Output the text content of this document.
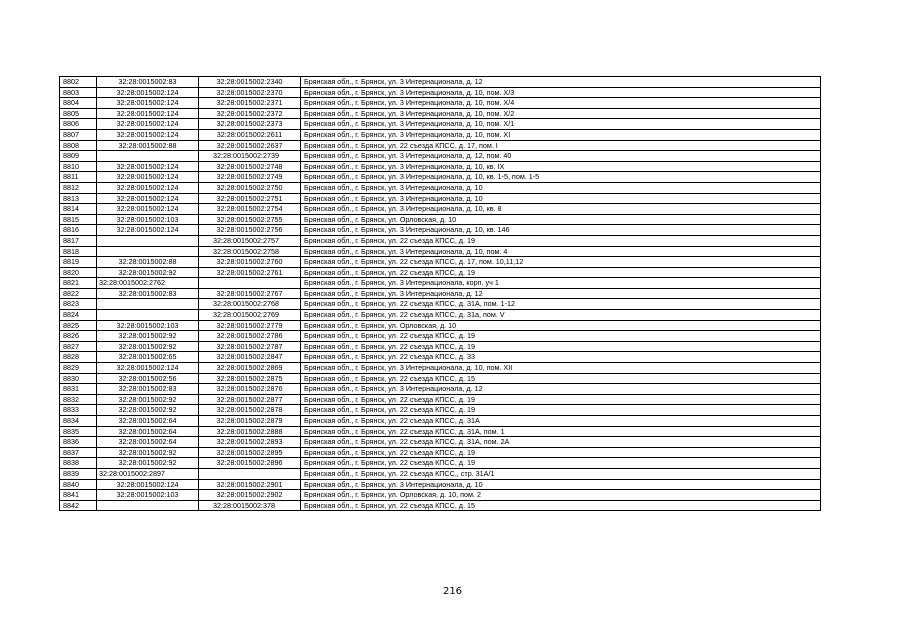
8802	32:28:0015002:83	32:28:0015002:2340	Брянская обл., г. Брянск, ул. 3 Интернационала, д. 12
8803	32:28:0015002:124	32:28:0015002:2370	Брянская обл., г. Брянск, ул. 3 Интернационала, д. 10, пом. Х/3
8804	32:28:0015002:124	32:28:0015002:2371	Брянская обл., г. Брянск, ул. 3 Интернационала, д. 10, пом. Х/4
8805	32:28:0015002:124	32:28:0015002:2372	Брянская обл., г. Брянск, ул. 3 Интернационала, д. 10, пом. Х/2
8806	32:28:0015002:124	32:28:0015002:2373	Брянская обл., г. Брянск, ул. 3 Интернационала, д. 10, пом. Х/1
8807	32:28:0015002:124	32:28:0015002:2611	Брянская обл., г. Брянск, ул. 3 Интернационала, д. 10, пом. XI
8808	32:28:0015002:88	32:28:0015002:2637	Брянская обл., г. Брянск, ул. 22 съезда КПСС, д. 17, пом. I
8809		32:28:0015002:2739	Брянская обл., г. Брянск, ул. 3 Интернационала, д. 12, пом. 40
8810	32:28:0015002:124	32:28:0015002:2748	Брянская обл., г. Брянск, ул. 3 Интернационала, д. 10, кв. IX
8811	32:28:0015002:124	32:28:0015002:2749	Брянская обл., г. Брянск, ул. 3 Интернационала, д. 10, кв. 1-5, пом. 1-5
8812	32:28:0015002:124	32:28:0015002:2750	Брянская обл., г. Брянск, ул. 3 Интернационала, д. 10
8813	32:28:0015002:124	32:28:0015002:2751	Брянская обл., г. Брянск, ул. 3 Интернационала, д. 10
8814	32:28:0015002:124	32:28:0015002:2754	Брянская обл., г. Брянск, ул. 3 Интернационала, д. 10, кв. 8
8815	32:28:0015002:103	32:28:0015002:2755	Брянская обл., г. Брянск, ул. Орловская, д. 10
8816	32:28:0015002:124	32:28:0015002:2756	Брянская обл., г. Брянск, ул. 3 Интернационала, д. 10, кв. 146
8817		32:28:0015002:2757	Брянская обл., г. Брянск, ул. 22 съезда КПСС, д. 19
8818		32:28:0015002:2758	Брянская обл., г. Брянск, ул. 3 Интернационала, д. 10, пом. 4
8819	32:28:0015002:88	32:28:0015002:2760	Брянская обл., г. Брянск, ул. 22 съезда КПСС, д. 17, пом. 10,11,12
8820	32:28:0015002:92	32:28:0015002:2761	Брянская обл., г. Брянск, ул. 22 съезда КПСС, д. 19
8821	32:28:0015002:2762		Брянская обл., г. Брянск, ул. 3 Интернационала, корп. уч 1
8822	32:28:0015002:83	32:28:0015002:2767	Брянская обл., г. Брянск, ул. 3 Интернационала, д. 12
8823		32:28:0015002:2768	Брянская обл., г. Брянск, ул. 22 съезда КПСС, д. 31А, пом. 1-12
8824		32:28:0015002:2769	Брянская обл., г. Брянск, ул. 22 съезда КПСС, д. 31а, пом. V
8825	32:28:0015002:103	32:28:0015002:2779	Брянская обл., г. Брянск, ул. Орловская, д. 10
8826	32:28:0015002:92	32:28:0015002:2786	Брянская обл., г. Брянск, ул. 22 съезда КПСС, д. 19
8827	32:28:0015002:92	32:28:0015002:2787	Брянская обл., г. Брянск, ул. 22 съезда КПСС, д. 19
8828	32:28:0015002:65	32:28:0015002:2847	Брянская обл., г. Брянск, ул. 22 съезда КПСС, д. 33
8829	32:28:0015002:124	32:28:0015002:2869	Брянская обл., г. Брянск, ул. 3 Интернационала, д. 10, пом. XII
8830	32:28:0015002:56	32:28:0015002:2875	Брянская обл., г. Брянск, ул. 22 съезда КПСС, д. 15
8831	32:28:0015002:83	32:28:0015002:2876	Брянская обл., г. Брянск, ул. 3 Интернационала, д. 12
8832	32:28:0015002:92	32:28:0015002:2877	Брянская обл., г. Брянск, ул. 22 съезда КПСС, д. 19
8833	32:28:0015002:92	32:28:0015002:2878	Брянская обл., г. Брянск, ул. 22 съезда КПСС, д. 19
8834	32:28:0015002:64	32:28:0015002:2879	Брянская обл., г. Брянск, ул. 22 съезда КПСС, д. 31А
8835	32:28:0015002:64	32:28:0015002:2888	Брянская обл., г. Брянск, ул. 22 съезда КПСС, д. 31А, пом. 1
8836	32:28:0015002:64	32:28:0015002:2893	Брянская обл., г. Брянск, ул. 22 съезда КПСС, д. 31А, пом. 2А
8837	32:28:0015002:92	32:28:0015002:2895	Брянская обл., г. Брянск, ул. 22 съезда КПСС, д. 19
8838	32:28:0015002:92	32:28:0015002:2896	Брянская обл., г. Брянск, ул. 22 съезда КПСС, д. 19
8839	32:28:0015002:2897		Брянская обл., г. Брянск, ул. 22 съезда КПСС,, стр. 31А/1
8840	32:28:0015002:124	32:28:0015002:2901	Брянская обл., г. Брянск, ул. 3 Интернационала, д. 10
8841	32:28:0015002:103	32:28:0015002:2902	Брянская обл., г. Брянск, ул. Орловская, д. 10, пом. 2
8842		32:28:0015002:378	Брянская обл., г. Брянск, ул. 22 съезда КПСС, д. 15
216
